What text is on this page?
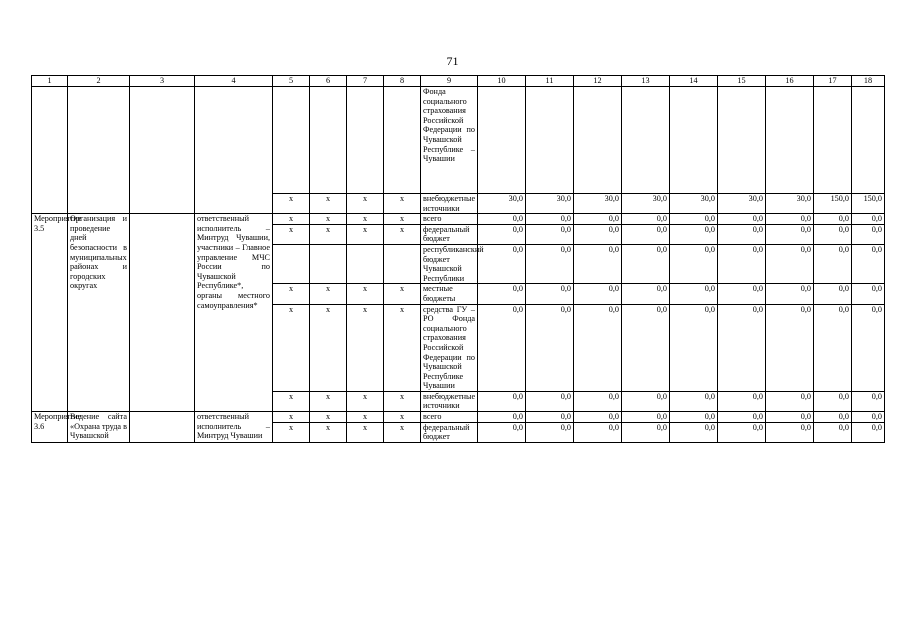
71
1	2	3	4	5	6	7	8	9	10	11	12	13	14	15	16	17	18
								Фонда социального страхования Российской Федерации по Чувашской Республике – Чувашии									
				х	х	х	х	внебюджетные источники	30,0	30,0	30,0	30,0	30,0	30,0	30,0	150,0	150,0
Мероприятие 3.5	Организация и проведение дней безопасности в муниципальных районах и городских округах		ответственный исполнитель – Минтруд Чувашии, участники – Главное управление МЧС России по Чувашской Республике*, органы местного самоуправления*	х	х	х	х	всего	0,0	0,0	0,0	0,0	0,0	0,0	0,0	0,0	0,0
				х	х	х	х	федеральный бюджет	0,0	0,0	0,0	0,0	0,0	0,0	0,0	0,0	0,0
								республиканский бюджет Чувашской Республики	0,0	0,0	0,0	0,0	0,0	0,0	0,0	0,0	0,0
				х	х	х	х	местные бюджеты	0,0	0,0	0,0	0,0	0,0	0,0	0,0	0,0	0,0
				х	х	х	х	средства ГУ – РО Фонда социального страхования Российской Федерации по Чувашской Республике Чувашии	0,0	0,0	0,0	0,0	0,0	0,0	0,0	0,0	0,0
				х	х	х	х	внебюджетные источники	0,0	0,0	0,0	0,0	0,0	0,0	0,0	0,0	0,0
Мероприятие 3.6	Ведение сайта «Охрана труда в Чувашской		ответственный исполнитель – Минтруд Чувашии	х	х	х	х	всего	0,0	0,0	0,0	0,0	0,0	0,0	0,0	0,0	0,0
				х	х	х	х	федеральный бюджет	0,0	0,0	0,0	0,0	0,0	0,0	0,0	0,0	0,0
